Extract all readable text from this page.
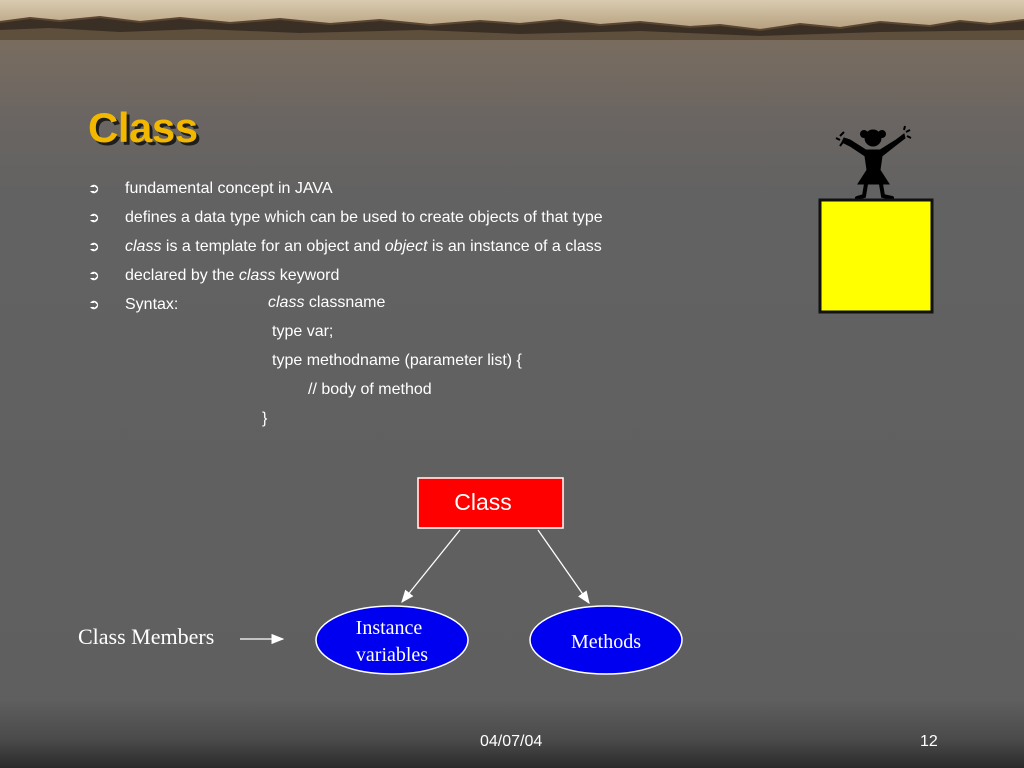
Class
➲	fundamental concept in JAVA
➲	defines a data type which can be used to create objects of that type
➲	class is a template for an object and object is an instance of a class
➲	declared by the class keyword
➲	Syntax:	class classname
type var;
type methodname (parameter list) {
// body of method
}
Class
Instance
variables
Methods
Class Members
04/07/04	12
